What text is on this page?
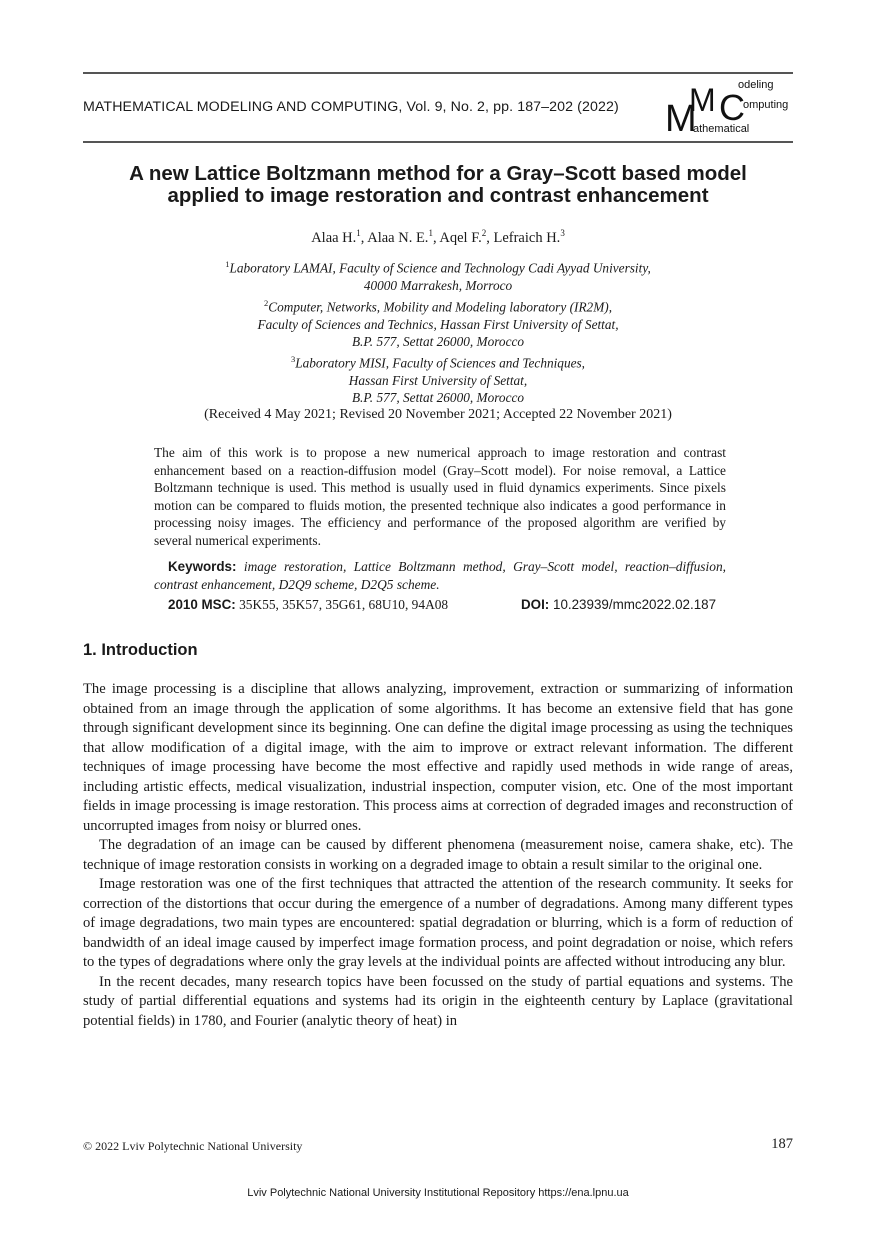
MATHEMATICAL MODELING AND COMPUTING, Vol. 9, No. 2, pp. 187–202 (2022) M
M C
odeling
omputing
athematical
A new Lattice Boltzmann method for a Gray–Scott based model
applied to image restoration and contrast enhancement
Alaa H.$^1$, Alaa N. E.$^1$, Aqel F.$^2$, Lefraich H.$^3$
$^1$Laboratory LAMAI, Faculty of Science and Technology Cadi Ayyad University,
40000 Marrakesh, Morroco
$^2$Computer, Networks, Mobility and Modeling laboratory (IR2M),
Faculty of Sciences and Technics, Hassan First University of Settat,
B.P. 577, Settat 26000, Morocco
$^3$Laboratory MISI, Faculty of Sciences and Techniques,
Hassan First University of Settat,
B.P. 577, Settat 26000, Morocco
(Received 4 May 2021; Revised 20 November 2021; Accepted 22 November 2021)
The aim of this work is to propose a new numerical approach to image restoration and contrast enhancement based on a reaction-diffusion model (Gray–Scott model). For noise removal, a Lattice Boltzmann technique is used. This method is usually used in fluid dynamics experiments. Since pixels motion can be compared to fluids motion, the presented technique also indicates a good performance in processing noisy images. The efficiency and performance of the proposed algorithm are verified by several numerical experiments.
Keywords: image restoration, Lattice Boltzmann method, Gray–Scott model, reaction–diffusion, contrast enhancement, D2Q9 scheme, D2Q5 scheme.
2010 MSC: 35K55, 35K57, 35G61, 68U10, 94A08	DOI: 10.23939/mmc2022.02.187
1. Introduction

The image processing is a discipline that allows analyzing, improvement, extraction or summarizing of information obtained from an image through the application of some algorithms. It has become an extensive field that has gone through significant development since its beginning. One can define the digital image processing as using the techniques that allow modification of a digital image, with the aim to improve or extract relevant information. The different techniques of image processing have become the most effective and rapidly used methods in wide range of areas, including artistic effects, medical visualization, industrial inspection, computer vision, etc. One of the most important fields in image processing is image restoration. This process aims at correction of degraded images and reconstruction of uncorrupted images from noisy or blurred ones.

The degradation of an image can be caused by different phenomena (measurement noise, camera shake, etc). The technique of image restoration consists in working on a degraded image to obtain a result similar to the original one.

Image restoration was one of the first techniques that attracted the attention of the research community. It seeks for correction of the distortions that occur during the emergence of a number of degradations. Among many different types of image degradations, two main types are encountered: spatial degradation or blurring, which is a form of reduction of bandwidth of an ideal image caused by imperfect image formation process, and point degradation or noise, which refers to the types of degradations where only the gray levels at the individual points are affected without introducing any blur.

In the recent decades, many research topics have been focussed on the study of partial equations and systems. The study of partial differential equations and systems had its origin in the eighteenth century by Laplace (gravitational potential fields) in 1780, and Fourier (analytic theory of heat) in

© 2022 Lviv Polytechnic National University	187
Lviv Polytechnic National University Institutional Repository https://ena.lpnu.ua
